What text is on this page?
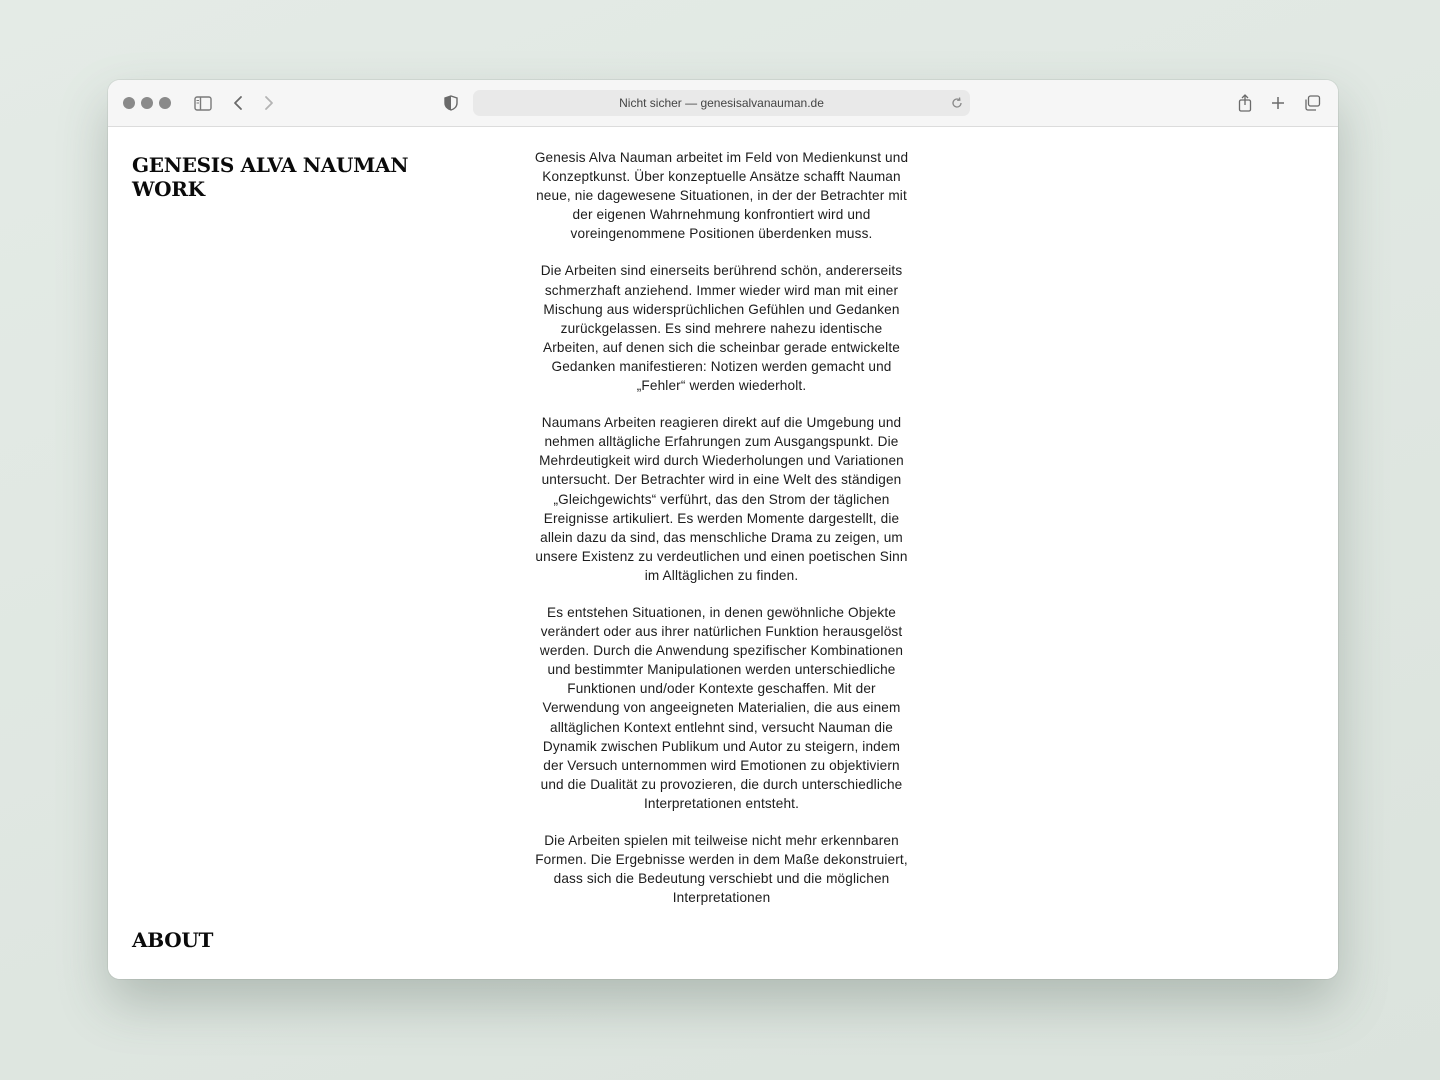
Nicht sicher — genesisalvanauman.de
GENESIS ALVA NAUMAN
WORK
ABOUT

Genesis Alva Nauman arbeitet im Feld von Medienkunst und Konzeptkunst. Über konzeptuelle Ansätze schafft Nauman neue, nie dagewesene Situationen, in der der Betrachter mit der eigenen Wahrnehmung konfrontiert wird und voreingenommene Positionen überdenken muss.

Die Arbeiten sind einerseits berührend schön, andererseits schmerzhaft anziehend. Immer wieder wird man mit einer Mischung aus widersprüchlichen Gefühlen und Gedanken zurückgelassen. Es sind mehrere nahezu identische Arbeiten, auf denen sich die scheinbar gerade entwickelte Gedanken manifestieren: Notizen werden gemacht und „Fehler“ werden wiederholt.

Naumans Arbeiten reagieren direkt auf die Umgebung und nehmen alltägliche Erfahrungen zum Ausgangspunkt. Die Mehrdeutigkeit wird durch Wiederholungen und Variationen untersucht. Der Betrachter wird in eine Welt des ständigen „Gleichgewichts“ verführt, das den Strom der täglichen Ereignisse artikuliert. Es werden Momente dargestellt, die allein dazu da sind, das menschliche Drama zu zeigen, um unsere Existenz zu verdeutlichen und einen poetischen Sinn im Alltäglichen zu finden.

Es entstehen Situationen, in denen gewöhnliche Objekte verändert oder aus ihrer natürlichen Funktion herausgelöst werden. Durch die Anwendung spezifischer Kombinationen und bestimmter Manipulationen werden unterschiedliche Funktionen und/oder Kontexte geschaffen. Mit der Verwendung von angeeigneten Materialien, die aus einem alltäglichen Kontext entlehnt sind, versucht Nauman die Dynamik zwischen Publikum und Autor zu steigern, indem der Versuch unternommen wird Emotionen zu objektiviern und die Dualität zu provozieren, die durch unterschiedliche Interpretationen entsteht.

Die Arbeiten spielen mit teilweise nicht mehr erkennbaren Formen. Die Ergebnisse werden in dem Maße dekonstruiert, dass sich die Bedeutung verschiebt und die möglichen Interpretationen
